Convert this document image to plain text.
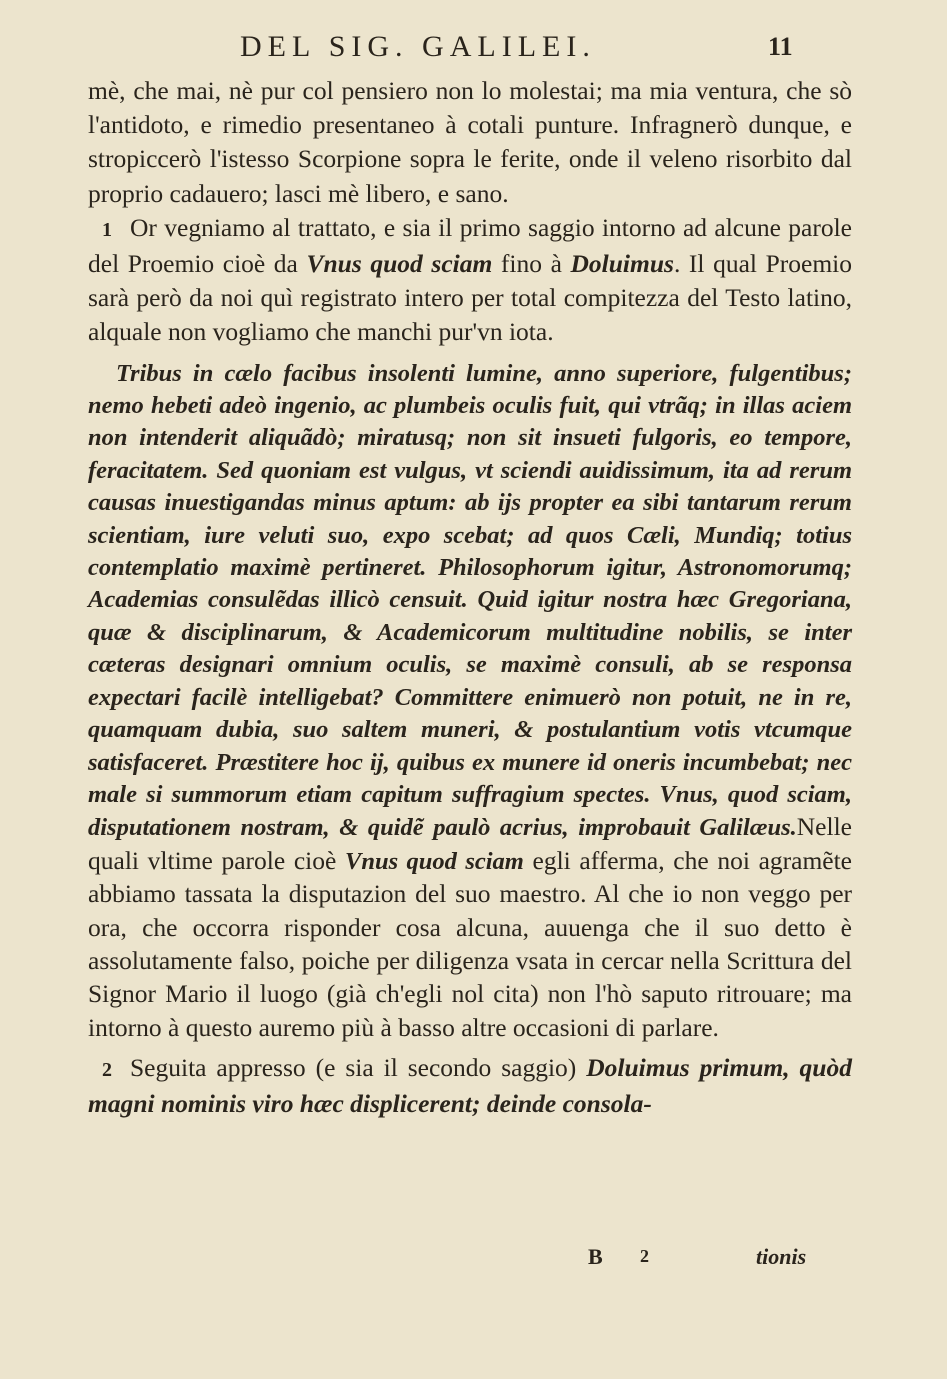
DEL SIG. GALILEI.	11

mè, che mai, nè pur col pensiero non lo molestai; ma mia ventura, che sò l'antidoto, e rimedio presentaneo à cotali punture. Infragnerò dunque, e stropiccerò l'istesso Scorpione sopra le ferite, onde il veleno risorbito dal proprio cadauero; lasci mè libero, e sano.

1 Or vegniamo al trattato, e sia il primo saggio intorno ad alcune parole del Proemio cioè da Vnus quod sciam fino à Doluimus. Il qual Proemio sarà però da noi quì registrato intero per total compitezza del Testo latino, alquale non vogliamo che manchi pur'vn iota.

Tribus in cælo facibus insolenti lumine, anno superiore, fulgentibus; nemo hebeti adeò ingenio, ac plumbeis oculis fuit, qui vtrãq; in illas aciem non intenderit aliquãdò; miratusq; non sit insueti fulgoris, eo tempore, feracitatem. Sed quoniam est vulgus, vt sciendi auidissimum, ita ad rerum causas inuestigandas minus aptum: ab ijs propter ea sibi tantarum rerum scientiam, iure veluti suo, expo scebat; ad quos Cæli, Mundiq; totius contemplatio maximè pertineret. Philosophorum igitur, Astronomorumq; Academias consulẽdas illicò censuit. Quid igitur nostra hæc Gregoriana, quæ & disciplinarum, & Academicorum multitudine nobilis, se inter cæteras designari omnium oculis, se maximè consuli, ab se responsa expectari facilè intelligebat? Committere enimuerò non potuit, ne in re, quamquam dubia, suo saltem muneri, & postulantium votis vtcumque satisfaceret. Præstitere hoc ij, quibus ex munere id oneris incumbebat; nec male si summorum etiam capitum suffragium spectes. Vnus, quod sciam, disputationem nostram, & quidẽ paulò acrius, improbauit Galilæus.Nelle quali vltime parole cioè Vnus quod sciam egli afferma, che noi agramẽte abbiamo tassata la disputazion del suo maestro. Al che io non veggo per ora, che occorra risponder cosa alcuna, auuenga che il suo detto è assolutamente falso, poiche per diligenza vsata in cercar nella Scrittura del Signor Mario il luogo (già ch'egli nol cita) non l'hò saputo ritrouare; ma intorno à questo auremo più à basso altre occasioni di parlare.

2 Seguita appresso (e sia il secondo saggio) Doluimus primum, quòd magni nominis viro hæc displicerent; deinde consola-

B 2	tionis
